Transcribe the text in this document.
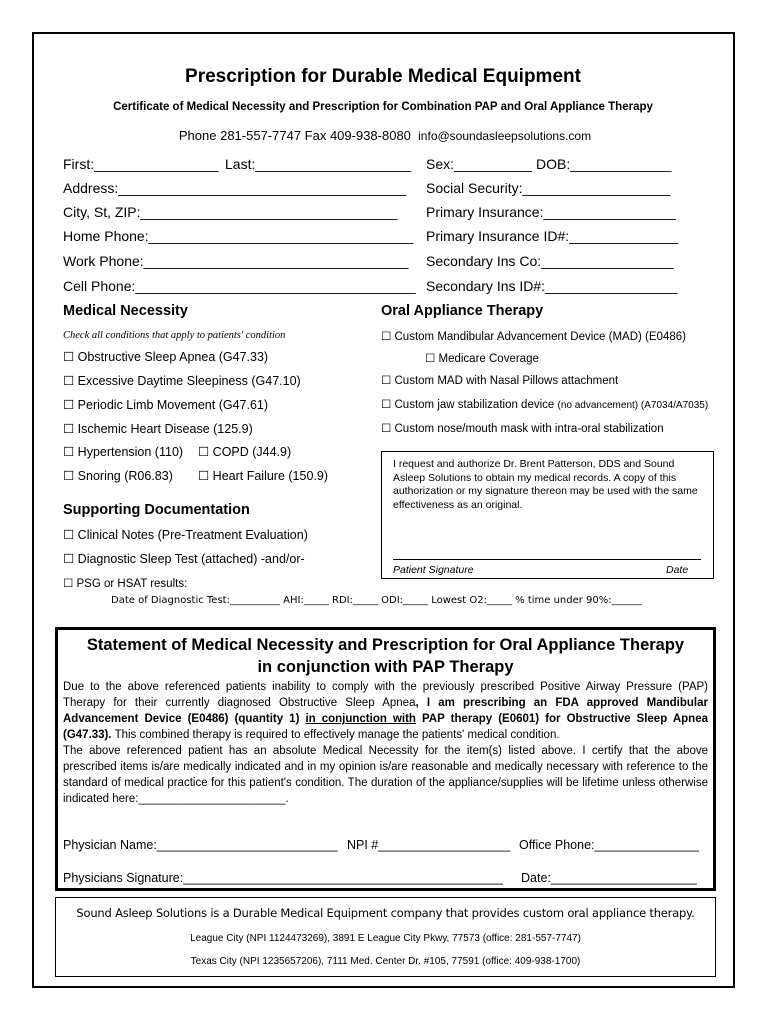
Prescription for Durable Medical Equipment
Certificate of Medical Necessity and Prescription for Combination PAP and Oral Appliance Therapy
Phone 281-557-7747 Fax 409-938-8080 info@soundasleepsolutions.com
First:________________ Last:____________________
Address:_____________________________________
City, St, ZIP:_________________________________
Home Phone:__________________________________
Work Phone:__________________________________
Cell Phone:____________________________________
Sex:__________ DOB:_____________
Social Security:___________________
Primary Insurance:_________________
Primary Insurance ID#:______________
Secondary Ins Co:_________________
Secondary Ins ID#:_________________
Medical Necessity
Check all conditions that apply to patients' condition
☐ Obstructive Sleep Apnea (G47.33)
☐ Excessive Daytime Sleepiness (G47.10)
☐ Periodic Limb Movement (G47.61)
☐ Ischemic Heart Disease (125.9)
☐ Hypertension (110) ☐ COPD (J44.9)
☐ Snoring (R06.83) ☐ Heart Failure (150.9)
Oral Appliance Therapy
☐ Custom Mandibular Advancement Device (MAD) (E0486)
☐ Medicare Coverage
☐ Custom MAD with Nasal Pillows attachment
☐ Custom jaw stabilization device (no advancement) (A7034/A7035)
☐ Custom nose/mouth mask with intra-oral stabilization
I request and authorize Dr. Brent Patterson, DDS and Sound Asleep Solutions to obtain my medical records. A copy of this authorization or my signature thereon may be used with the same effectiveness as an original.
Patient Signature	Date
Supporting Documentation
☐ Clinical Notes (Pre-Treatment Evaluation)
☐ Diagnostic Sleep Test (attached) -and/or-
☐ PSG or HSAT results:
Date of Diagnostic Test:__________ AHI:_____ RDI:_____ ODI:_____ Lowest O2:_____ % time under 90%:______
Statement of Medical Necessity and Prescription for Oral Appliance Therapy
in conjunction with PAP Therapy
Due to the above referenced patients inability to comply with the previously prescribed Positive Airway Pressure (PAP) Therapy for their currently diagnosed Obstructive Sleep Apnea, I am prescribing an FDA approved Mandibular Advancement Device (E0486) (quantity 1) in conjunction with PAP therapy (E0601) for Obstructive Sleep Apnea (G47.33). This combined therapy is required to effectively manage the patients' medical condition.
The above referenced patient has an absolute Medical Necessity for the item(s) listed above. I certify that the above prescribed items is/are medically indicated and in my opinion is/are reasonable and medically necessary with reference to the standard of medical practice for this patient's condition. The duration of the appliance/supplies will be lifetime unless otherwise indicated here:_______________________.
Physician Name:__________________________ NPI #___________________ Office Phone:_______________
Physicians Signature:______________________________________________ Date:_____________________
Sound Asleep Solutions is a Durable Medical Equipment company that provides custom oral appliance therapy.
League City (NPI 1124473269), 3891 E League City Pkwy, 77573 (office: 281-557-7747)
Texas City (NPI 1235657206), 7111 Med. Center Dr. #105, 77591 (office: 409-938-1700)
